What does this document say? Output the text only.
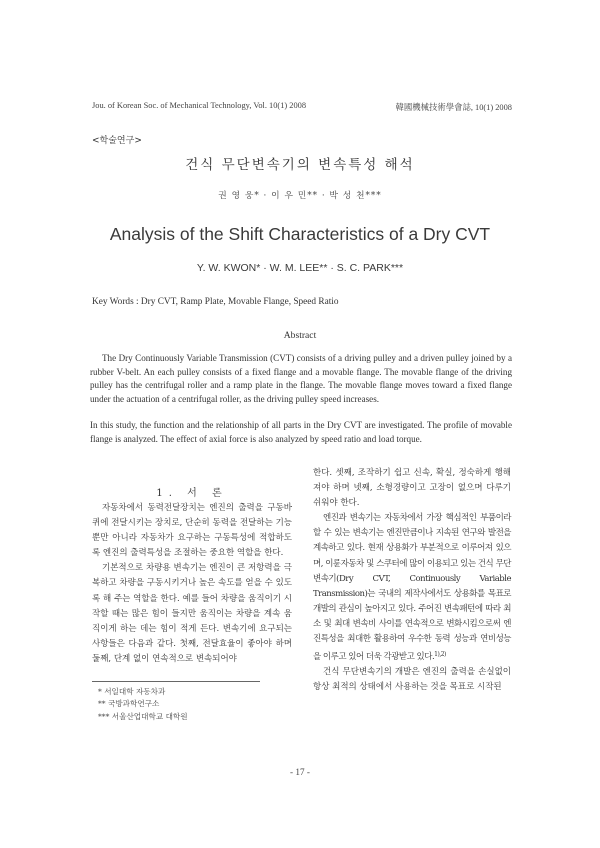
Jou. of Korean Soc. of Mechanical Technology, Vol. 10(1) 2008	韓國機械技術學會誌, 10(1) 2008
<학술연구>
건식 무단변속기의 변속특성 해석
권 영 웅* · 이 우 민** · 박 성 천***
Analysis of the Shift Characteristics of a Dry CVT
Y. W. KWON* · W. M. LEE** · S. C. PARK***
Key Words : Dry CVT, Ramp Plate, Movable Flange, Speed Ratio
Abstract

The Dry Continuously Variable Transmission (CVT) consists of a driving pulley and a driven pulley joined by a rubber V-belt. An each pulley consists of a fixed flange and a movable flange. The movable flange of the driving pulley has the centrifugal roller and a ramp plate in the flange. The movable flange moves toward a fixed flange under the actuation of a centrifugal roller, as the driving pulley speed increases.

In this study, the function and the relationship of all parts in the Dry CVT are investigated. The profile of movable flange is analyzed. The effect of axial force is also analyzed by speed ratio and load torque.

1. 서 론

자동차에서 동력전달장치는 엔진의 출력을 구동바퀴에 전달시키는 장치로, 단순히 동력을 전달하는 기능뿐만 아니라 자동차가 요구하는 구동특성에 적합하도록 엔진의 출력특성을 조절하는 중요한 역할을 한다.

기본적으로 차량용 변속기는 엔진이 큰 저항력을 극복하고 차량을 구동시키거나 높은 속도를 얻을 수 있도록 해 주는 역할을 한다. 예를 들어 차량을 움직이기 시작할 때는 많은 힘이 들지만 움직이는 차량을 계속 움직이게 하는 데는 힘이 적게 든다. 변속기에 요구되는 사항들은 다음과 같다. 첫째, 전달효율이 좋아야 하며 둘째, 단계 없이 연속적으로 변속되어야

한다. 셋째, 조작하기 쉽고 신속, 확실, 정숙하게 행해져야 하며 넷째, 소형경량이고 고장이 없으며 다루기 쉬워야 한다.

엔진과 변속기는 자동차에서 가장 핵심적인 부품이라 할 수 있는 변속기는 엔진만큼이나 지속된 연구와 발전을 계속하고 있다. 현재 상용화가 부분적으로 이루어져 있으며, 이륜자동차 및 스쿠터에 많이 이용되고 있는 건식 무단변속기(Dry CVT, Continuously Variable Transmission)는 국내의 제작사에서도 상용화를 목표로 개발의 관심이 높아지고 있다. 주어진 변속패턴에 따라 최소 및 최대 변속비 사이를 연속적으로 변화시킴으로써 엔진특성을 최대한 활용하여 우수한 동력 성능과 연비성능을 이루고 있어 더욱 각광받고 있다.$^{1),2)}$

건식 무단변속기의 개발은 엔진의 출력을 손실없이 항상 최적의 상태에서 사용하는 것을 목표로 시작된

* 서일대학 자동차과
** 국방과학연구소
*** 서울산업대학교 대학원
- 17 -
